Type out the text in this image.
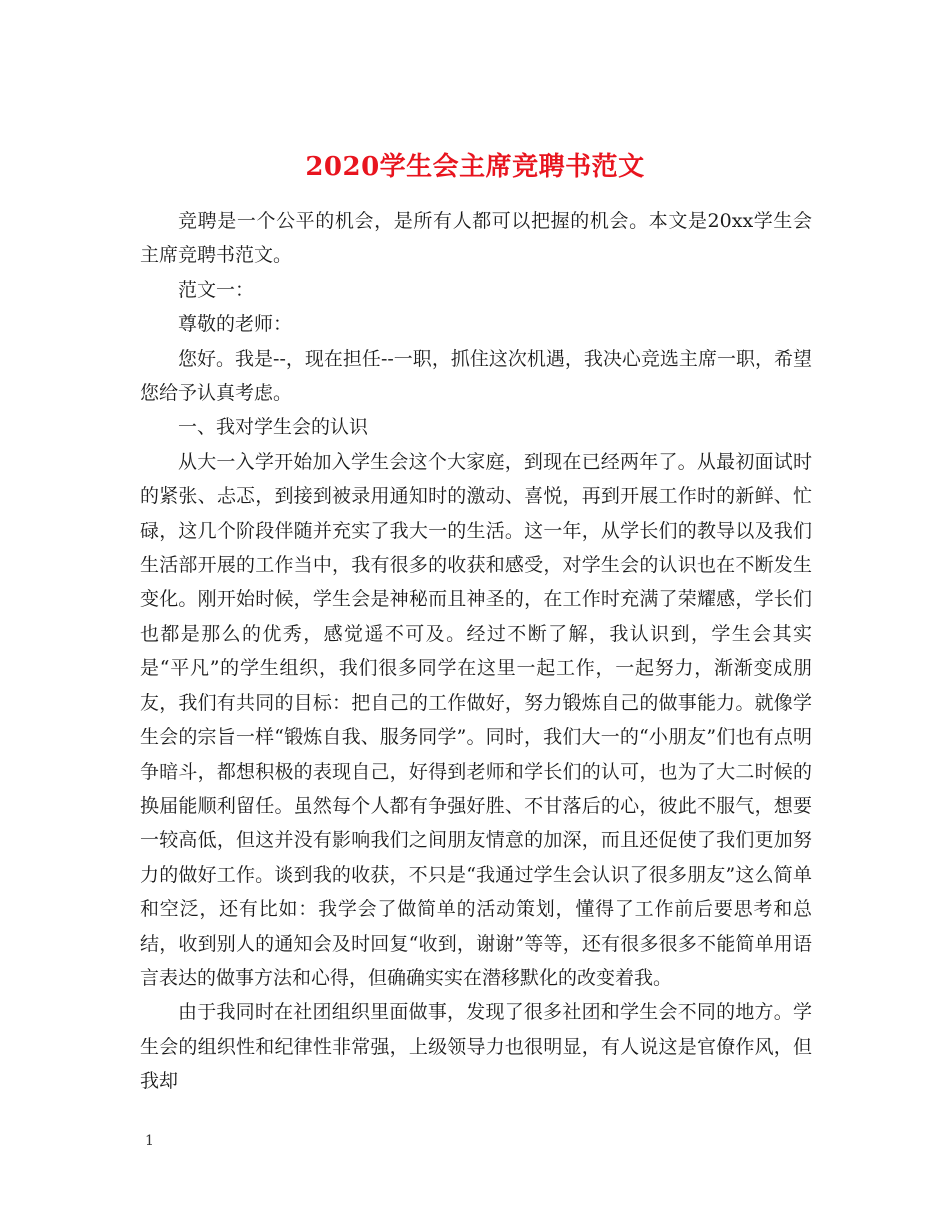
2020学生会主席竞聘书范文

竞聘是一个公平的机会，是所有人都可以把握的机会。本文是20xx学生会主席竞聘书范文。

范文一：

尊敬的老师：

您好。我是--，现在担任--一职，抓住这次机遇，我决心竞选主席一职，希望您给予认真考虑。

一、我对学生会的认识

从大一入学开始加入学生会这个大家庭，到现在已经两年了。从最初面试时的紧张、忐忑，到接到被录用通知时的激动、喜悦，再到开展工作时的新鲜、忙碌，这几个阶段伴随并充实了我大一的生活。这一年，从学长们的教导以及我们生活部开展的工作当中，我有很多的收获和感受，对学生会的认识也在不断发生变化。刚开始时候，学生会是神秘而且神圣的，在工作时充满了荣耀感，学长们也都是那么的优秀，感觉遥不可及。经过不断了解，我认识到，学生会其实是“平凡”的学生组织，我们很多同学在这里一起工作，一起努力，渐渐变成朋友，我们有共同的目标：把自己的工作做好，努力锻炼自己的做事能力。就像学生会的宗旨一样“锻炼自我、服务同学”。同时，我们大一的“小朋友”们也有点明争暗斗，都想积极的表现自己，好得到老师和学长们的认可，也为了大二时候的换届能顺利留任。虽然每个人都有争强好胜、不甘落后的心，彼此不服气，想要一较高低，但这并没有影响我们之间朋友情意的加深，而且还促使了我们更加努力的做好工作。谈到我的收获，不只是“我通过学生会认识了很多朋友”这么简单和空泛，还有比如：我学会了做简单的活动策划，懂得了工作前后要思考和总结，收到别人的通知会及时回复“收到，谢谢”等等，还有很多很多不能简单用语言表达的做事方法和心得，但确确实实在潜移默化的改变着我。

由于我同时在社团组织里面做事，发现了很多社团和学生会不同的地方。学生会的组织性和纪律性非常强，上级领导力也很明显，有人说这是官僚作风，但我却

1
